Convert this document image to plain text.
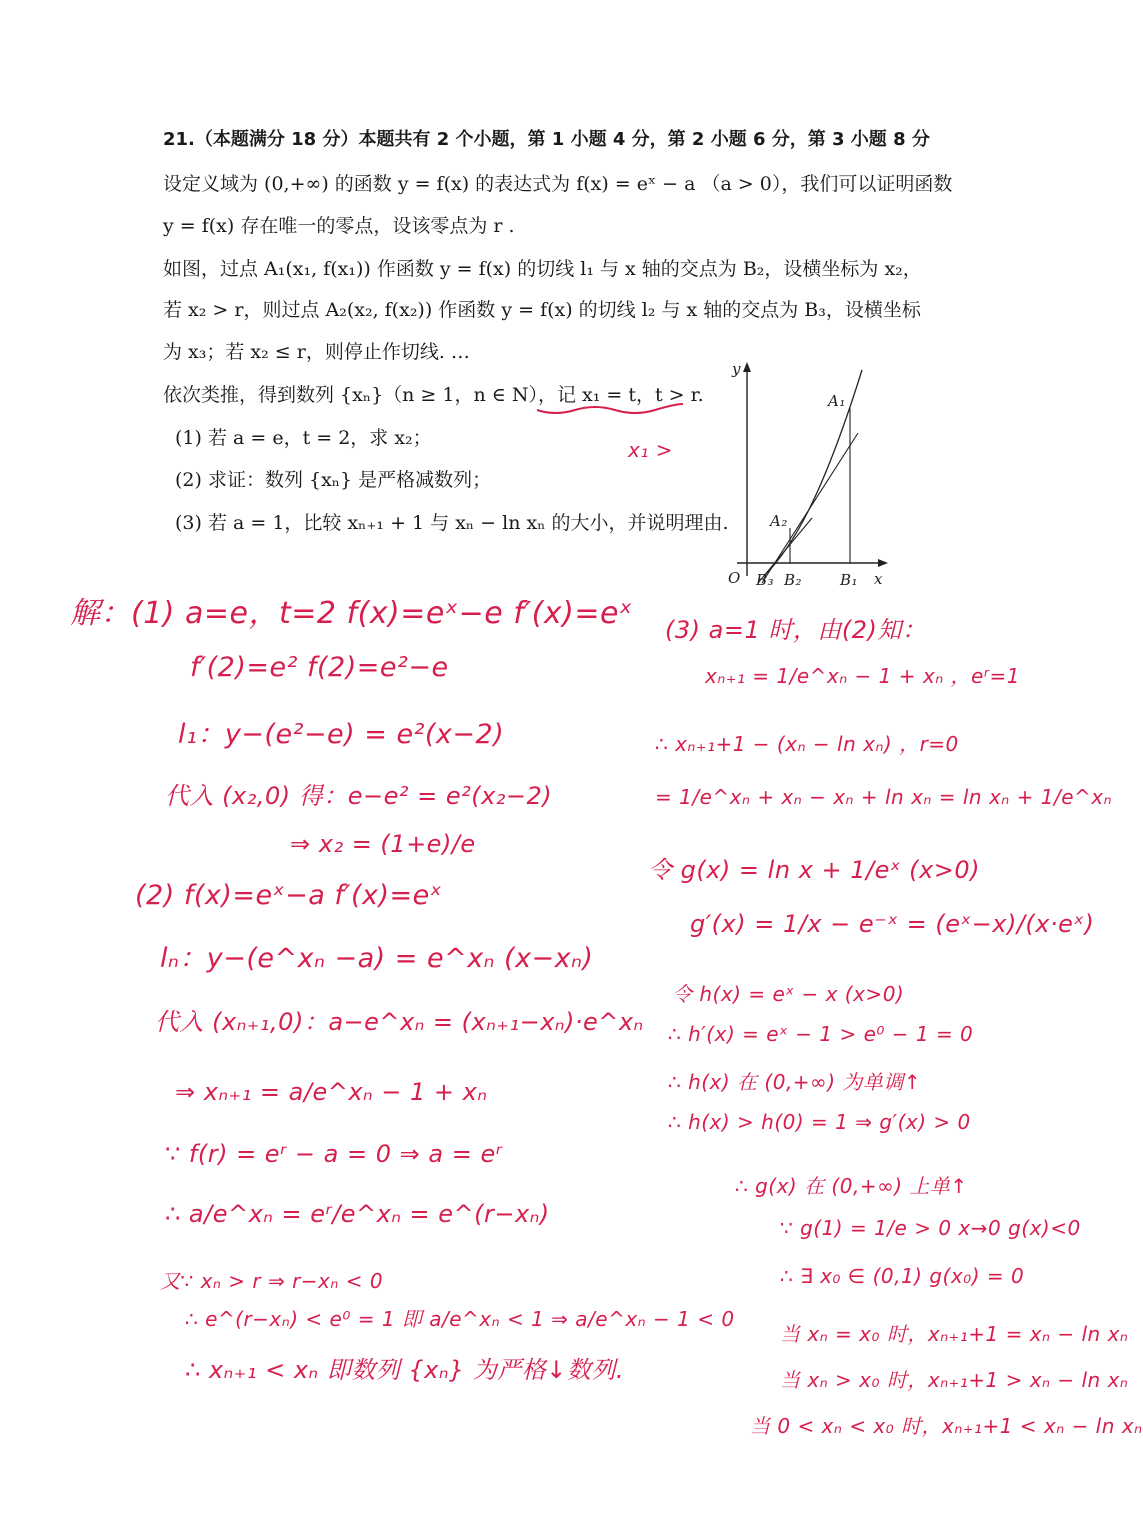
21.（本题满分 18 分）本题共有 2 个小题，第 1 小题 4 分，第 2 小题 6 分，第 3 小题 8 分
设定义域为 (0,+∞) 的函数 y = f(x) 的表达式为 f(x) = eˣ − a （a > 0），我们可以证明函数
y = f(x) 存在唯一的零点，设该零点为 r .
如图，过点 A₁(x₁, f(x₁)) 作函数 y = f(x) 的切线 l₁ 与 x 轴的交点为 B₂，设横坐标为 x₂，
若 x₂ > r，则过点 A₂(x₂, f(x₂)) 作函数 y = f(x) 的切线 l₂ 与 x 轴的交点为 B₃，设横坐标
为 x₃；若 x₂ ≤ r，则停止作切线. …
依次类推，得到数列 {xₙ}（n ≥ 1，n ∈ N），记 x₁ = t，t > r.
(1) 若 a = e，t = 2，求 x₂；
(2) 求证：数列 {xₙ} 是严格减数列；
(3) 若 a = 1，比较 xₙ₊₁ + 1 与 xₙ − ln xₙ 的大小，并说明理由.
x₁ >
y
x
O
A₁
A₂
B₃ B₂	B₁
解：(1) a=e，t=2 f(x)=eˣ−e f′(x)=eˣ
f′(2)=e² f(2)=e²−e
l₁：y−(e²−e) = e²(x−2)
代入 (x₂,0) 得：e−e² = e²(x₂−2)
⇒ x₂ = (1+e)/e
(2) f(x)=eˣ−a f′(x)=eˣ
lₙ：y−(e^xₙ −a) = e^xₙ (x−xₙ)
代入 (xₙ₊₁,0)：a−e^xₙ = (xₙ₊₁−xₙ)·e^xₙ
⇒ xₙ₊₁ = a/e^xₙ − 1 + xₙ
∵ f(r) = eʳ − a = 0 ⇒ a = eʳ
∴ a/e^xₙ = eʳ/e^xₙ = e^(r−xₙ)
又∵ xₙ > r ⇒ r−xₙ < 0
∴ e^(r−xₙ) < e⁰ = 1 即 a/e^xₙ < 1 ⇒ a/e^xₙ − 1 < 0
∴ xₙ₊₁ < xₙ 即数列 {xₙ} 为严格↓数列.
(3) a=1 时，由(2)知：
xₙ₊₁ = 1/e^xₙ − 1 + xₙ ，eʳ=1
∴ xₙ₊₁+1 − (xₙ − ln xₙ) ，r=0
= 1/e^xₙ + xₙ − xₙ + ln xₙ = ln xₙ + 1/e^xₙ
令 g(x) = ln x + 1/eˣ (x>0)
g′(x) = 1/x − e⁻ˣ = (eˣ−x)/(x·eˣ)
令 h(x) = eˣ − x (x>0)
∴ h′(x) = eˣ − 1 > e⁰ − 1 = 0
∴ h(x) 在 (0,+∞) 为单调↑
∴ h(x) > h(0) = 1 ⇒ g′(x) > 0
∴ g(x) 在 (0,+∞) 上单↑
∵ g(1) = 1/e > 0 x→0 g(x)<0
∴ ∃ x₀ ∈ (0,1) g(x₀) = 0
当 xₙ = x₀ 时，xₙ₊₁+1 = xₙ − ln xₙ
当 xₙ > x₀ 时，xₙ₊₁+1 > xₙ − ln xₙ
当 0 < xₙ < x₀ 时，xₙ₊₁+1 < xₙ − ln xₙ
